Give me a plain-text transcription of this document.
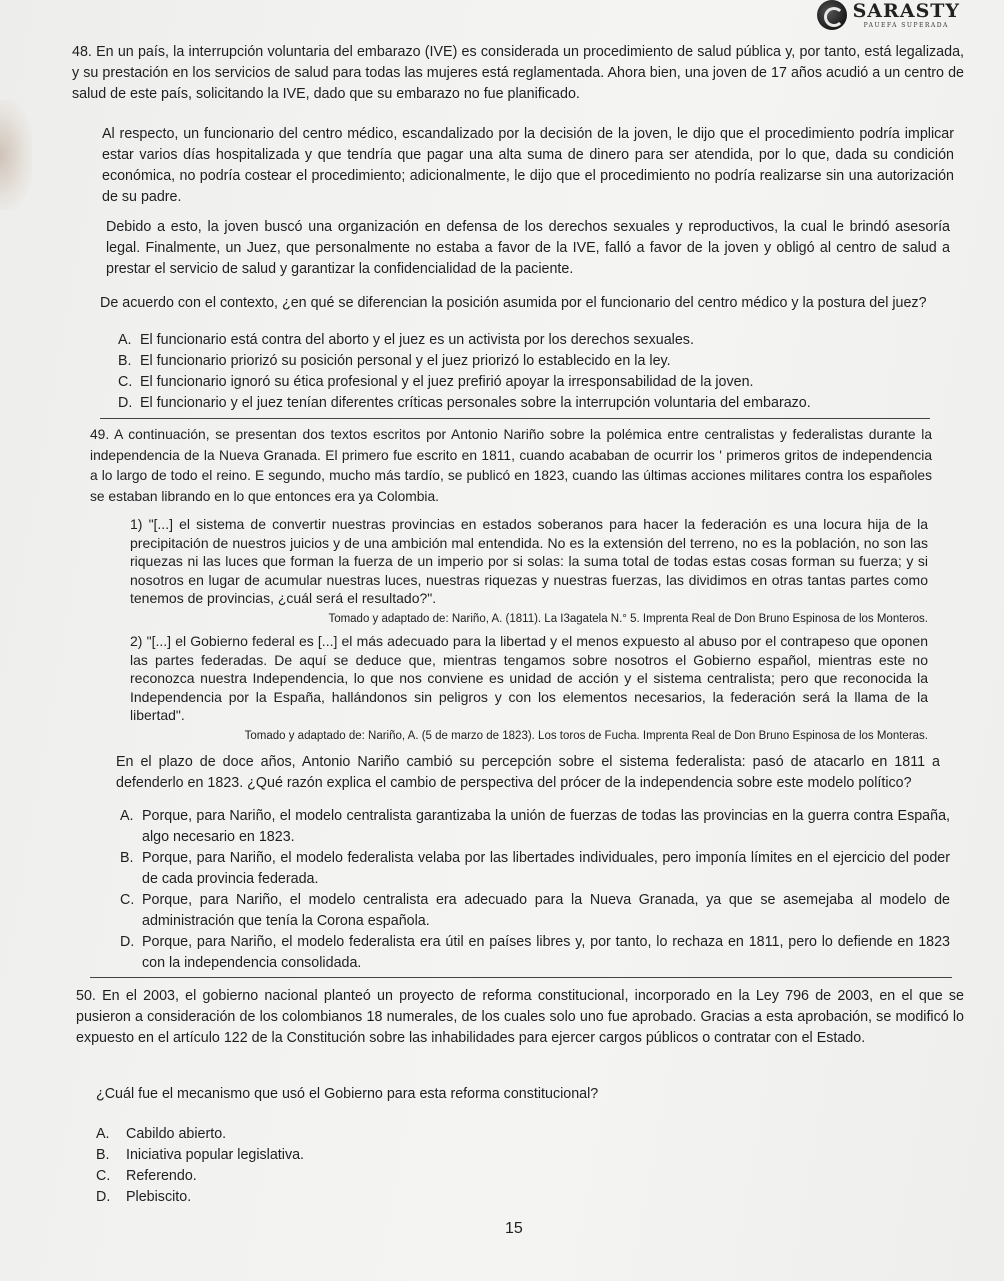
SARASTY
PAUEFA SUPERADA

48. En un país, la interrupción voluntaria del embarazo (IVE) es considerada un procedimiento de salud pública y, por tanto, está legalizada, y su prestación en los servicios de salud para todas las mujeres está reglamentada. Ahora bien, una joven de 17 años acudió a un centro de salud de este país, solicitando la IVE, dado que su embarazo no fue planificado.

Al respecto, un funcionario del centro médico, escandalizado por la decisión de la joven, le dijo que el procedimiento podría implicar estar varios días hospitalizada y que tendría que pagar una alta suma de dinero para ser atendida, por lo que, dada su condición económica, no podría costear el procedimiento; adicionalmente, le dijo que el procedimiento no podría realizarse sin una autorización de su padre.

Debido a esto, la joven buscó una organización en defensa de los derechos sexuales y reproductivos, la cual le brindó asesoría legal. Finalmente, un Juez, que personalmente no estaba a favor de la IVE, falló a favor de la joven y obligó al centro de salud a prestar el servicio de salud y garantizar la confidencialidad de la paciente.

De acuerdo con el contexto, ¿en qué se diferencian la posición asumida por el funcionario del centro médico y la postura del juez?

A. El funcionario está contra del aborto y el juez es un activista por los derechos sexuales.
B. El funcionario priorizó su posición personal y el juez priorizó lo establecido en la ley.
C. El funcionario ignoró su ética profesional y el juez prefirió apoyar la irresponsabilidad de la joven.
D. El funcionario y el juez tenían diferentes críticas personales sobre la interrupción voluntaria del embarazo.

49. A continuación, se presentan dos textos escritos por Antonio Nariño sobre la polémica entre centralistas y federalistas durante la independencia de la Nueva Granada. El primero fue escrito en 1811, cuando acababan de ocurrir los ' primeros gritos de independencia a lo largo de todo el reino. E segundo, mucho más tardío, se publicó en 1823, cuando las últimas acciones militares contra los españoles se estaban librando en lo que entonces era ya Colombia.

1) "[...] el sistema de convertir nuestras provincias en estados soberanos para hacer la federación es una locura hija de la precipitación de nuestros juicios y de una ambición mal entendida. No es la extensión del terreno, no es la población, no son las riquezas ni las luces que forman la fuerza de un imperio por si solas: la suma total de todas estas cosas forman su fuerza; y si nosotros en lugar de acumular nuestras luces, nuestras riquezas y nuestras fuerzas, las dividimos en otras tantas partes como tenemos de provincias, ¿cuál será el resultado?".

Tomado y adaptado de: Nariño, A. (1811). La I3agatela N.° 5. Imprenta Real de Don Bruno Espinosa de los Monteros.

2) "[...] el Gobierno federal es [...] el más adecuado para la libertad y el menos expuesto al abuso por el contrapeso que oponen las partes federadas. De aquí se deduce que, mientras tengamos sobre nosotros el Gobierno español, mientras este no reconozca nuestra Independencia, lo que nos conviene es unidad de acción y el sistema centralista; pero que reconocida la Independencia por la España, hallándonos sin peligros y con los elementos necesarios, la federación será la llama de la libertad".

Tomado y adaptado de: Nariño, A. (5 de marzo de 1823). Los toros de Fucha. Imprenta Real de Don Bruno Espinosa de los Monteras.

En el plazo de doce años, Antonio Nariño cambió su percepción sobre el sistema federalista: pasó de atacarlo en 1811 a defenderlo en 1823. ¿Qué razón explica el cambio de perspectiva del prócer de la independencia sobre este modelo político?

A. Porque, para Nariño, el modelo centralista garantizaba la unión de fuerzas de todas las provincias en la guerra contra España, algo necesario en 1823.
B. Porque, para Nariño, el modelo federalista velaba por las libertades individuales, pero imponía límites en el ejercicio del poder de cada provincia federada.
C. Porque, para Nariño, el modelo centralista era adecuado para la Nueva Granada, ya que se asemejaba al modelo de administración que tenía la Corona española.
D. Porque, para Nariño, el modelo federalista era útil en países libres y, por tanto, lo rechaza en 1811, pero lo defiende en 1823 con la independencia consolidada.

50. En el 2003, el gobierno nacional planteó un proyecto de reforma constitucional, incorporado en la Ley 796 de 2003, en el que se pusieron a consideración de los colombianos 18 numerales, de los cuales solo uno fue aprobado. Gracias a esta aprobación, se modificó lo expuesto en el artículo 122 de la Constitución sobre las inhabilidades para ejercer cargos públicos o contratar con el Estado.

¿Cuál fue el mecanismo que usó el Gobierno para esta reforma constitucional?

A.	Cabildo abierto.
B.	Iniciativa popular legislativa.
C.	Referendo.
D.	Plebiscito.
15
